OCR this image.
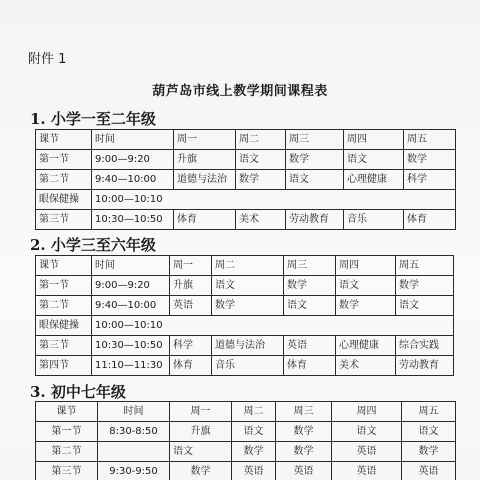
附件 1
葫芦岛市线上教学期间课程表
1. 小学一至二年级
课节	时间	周一	周二	周三	周四	周五
第一节	9:00—9:20	升旗	语文	数学	语文	数学
第二节	9:40—10:00	道德与法治	数学	语文	心理健康	科学
眼保健操	10:00—10:10					
第三节	10:30—10:50	体育	美术	劳动教育	音乐	体育
2. 小学三至六年级
课节	时间	周一	周二	周三	周四	周五
第一节	9:00—9:20	升旗	语文	数学	语文	数学
第二节	9:40—10:00	英语	数学	语文	数学	语文
眼保健操	10:00—10:10					
第三节	10:30—10:50	科学	道德与法治	英语	心理健康	综合实践
第四节	11:10—11:30	体育	音乐	体育	美术	劳动教育
3. 初中七年级
课节	时间	周一	周二	周三	周四	周五
第一节	8:30-8:50	升旗	语文	数学	语文	语文
第二节		语文	数学	数学	英语	数学
第三节	9:30-9:50	数学	英语	英语	英语	英语
